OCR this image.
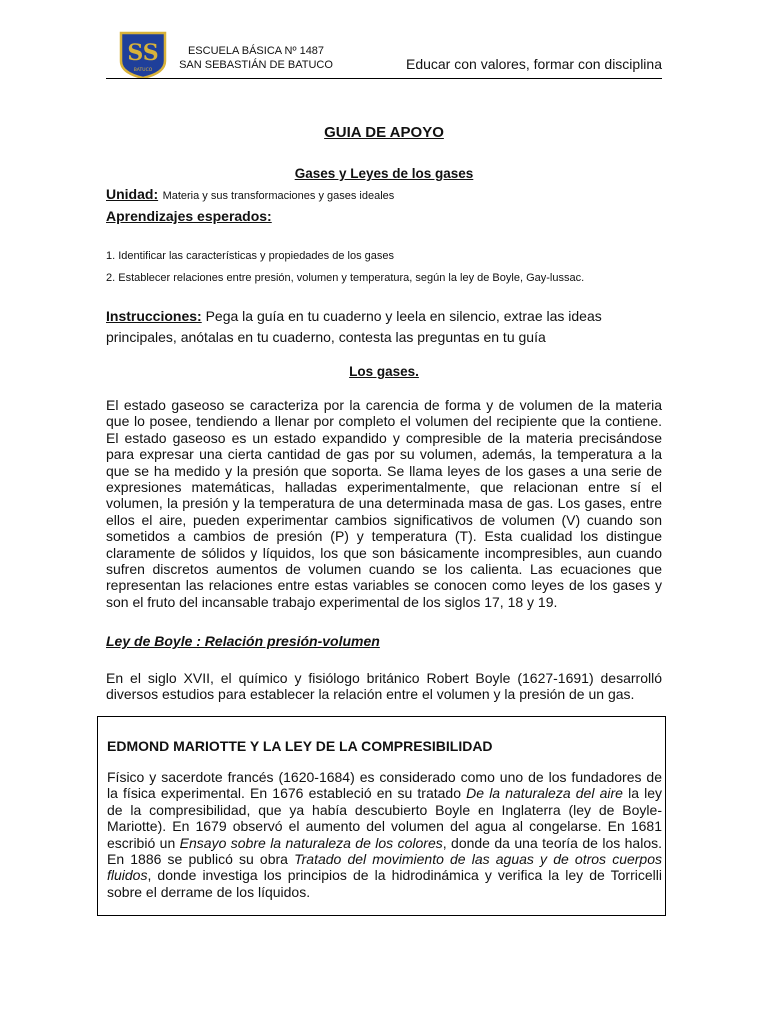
SS
BATUCO
ESCUELA BÁSICA Nº 1487
SAN SEBASTIÁN DE BATUCO	Educar con valores, formar con disciplina
GUIA DE APOYO
Gases y Leyes de los gases
Unidad: Materia y sus transformaciones y gases ideales
Aprendizajes esperados:
1. Identificar las características y propiedades de los gases
2. Establecer relaciones entre presión, volumen y temperatura, según la ley de Boyle, Gay-lussac.
Instrucciones: Pega la guía en tu cuaderno y leela en silencio, extrae las ideas
principales, anótalas en tu cuaderno, contesta las preguntas en tu guía
Los gases.

El estado gaseoso se caracteriza por la carencia de forma y de volumen de la materia que lo posee, tendiendo a llenar por completo el volumen del recipiente que la contiene. El estado gaseoso es un estado expandido y compresible de la materia precisándose para expresar una cierta cantidad de gas por su volumen, además, la temperatura a la que se ha medido y la presión que soporta. Se llama leyes de los gases a una serie de expresiones matemáticas, halladas experimentalmente, que relacionan entre sí el volumen, la presión y la temperatura de una determinada masa de gas. Los gases, entre ellos el aire, pueden experimentar cambios significativos de volumen (V) cuando son sometidos a cambios de presión (P) y temperatura (T). Esta cualidad los distingue claramente de sólidos y líquidos, los que son básicamente incompresibles, aun cuando sufren discretos aumentos de volumen cuando se los calienta. Las ecuaciones que representan las relaciones entre estas variables se conocen como leyes de los gases y son el fruto del incansable trabajo experimental de los siglos 17, 18 y 19.

Ley de Boyle : Relación presión-volumen

En el siglo XVII, el químico y fisiólogo británico Robert Boyle (1627-1691) desarrolló diversos estudios para establecer la relación entre el volumen y la presión de un gas.

EDMOND MARIOTTE Y LA LEY DE LA COMPRESIBILIDAD
Físico y sacerdote francés (1620-1684) es considerado como uno de los fundadores de la física experimental. En 1676 estableció en su tratado De la naturaleza del aire la ley de la compresibilidad, que ya había descubierto Boyle en Inglaterra (ley de Boyle-Mariotte). En 1679 observó el aumento del volumen del agua al congelarse. En 1681 escribió un Ensayo sobre la naturaleza de los colores, donde da una teoría de los halos. En 1886 se publicó su obra Tratado del movimiento de las aguas y de otros cuerpos fluidos, donde investiga los principios de la hidrodinámica y verifica la ley de Torricelli sobre el derrame de los líquidos.
